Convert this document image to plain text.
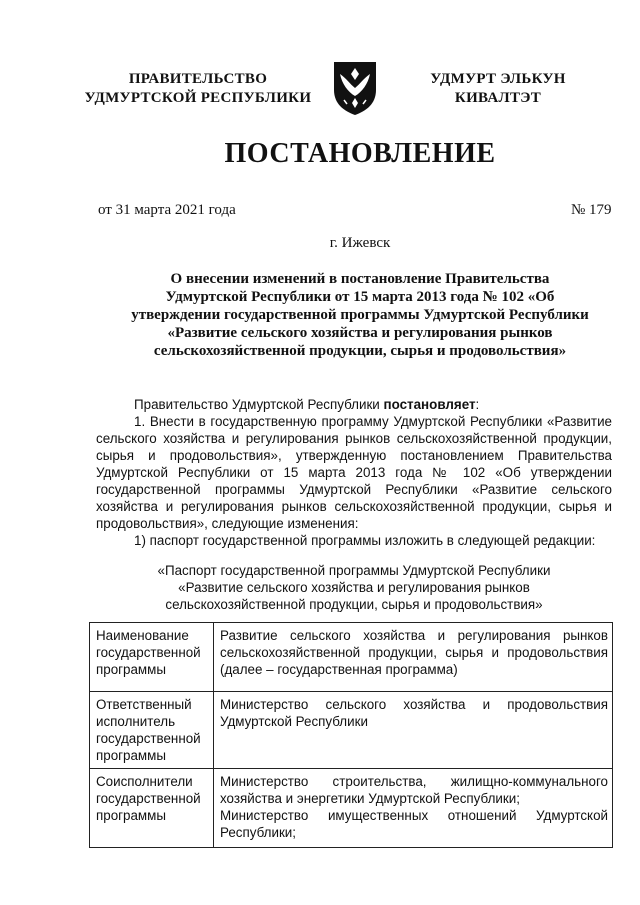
ПРАВИТЕЛЬСТВО
УДМУРТСКОЙ РЕСПУБЛИКИ
УДМУРТ ЭЛЬКУН
КИВАЛТЭТ
ПОСТАНОВЛЕНИЕ
от 31 марта 2021 года	№ 179
г. Ижевск
О внесении изменений в постановление Правительства
Удмуртской Республики от 15 марта 2013 года № 102 «Об
утверждении государственной программы Удмуртской Республики
«Развитие сельского хозяйства и регулирования рынков
сельскохозяйственной продукции, сырья и продовольствия»

Правительство Удмуртской Республики постановляет:

1. Внести в государственную программу Удмуртской Республики «Развитие сельского хозяйства и регулирования рынков сельскохозяйственной продукции, сырья и продовольствия», утвержденную постановлением Правительства Удмуртской Республики от 15 марта 2013 года № 102 «Об утверждении государственной программы Удмуртской Республики «Развитие сельского хозяйства и регулирования рынков сельскохозяйственной продукции, сырья и продовольствия», следующие изменения:

1) паспорт государственной программы изложить в следующей редакции:

«Паспорт государственной программы Удмуртской Республики
«Развитие сельского хозяйства и регулирования рынков
сельскохозяйственной продукции, сырья и продовольствия»
Наименование государственной программы	Развитие сельского хозяйства и регулирования рынков сельскохозяйственной продукции, сырья и продовольствия (далее – государственная программа)
Ответственный исполнитель государственной программы	Министерство сельского хозяйства и продовольствия Удмуртской Республики
Соисполнители государственной программы	Министерство строительства, жилищно-коммунального хозяйства и энергетики Удмуртской Республики;
Министерство имущественных отношений Удмуртской Республики;
